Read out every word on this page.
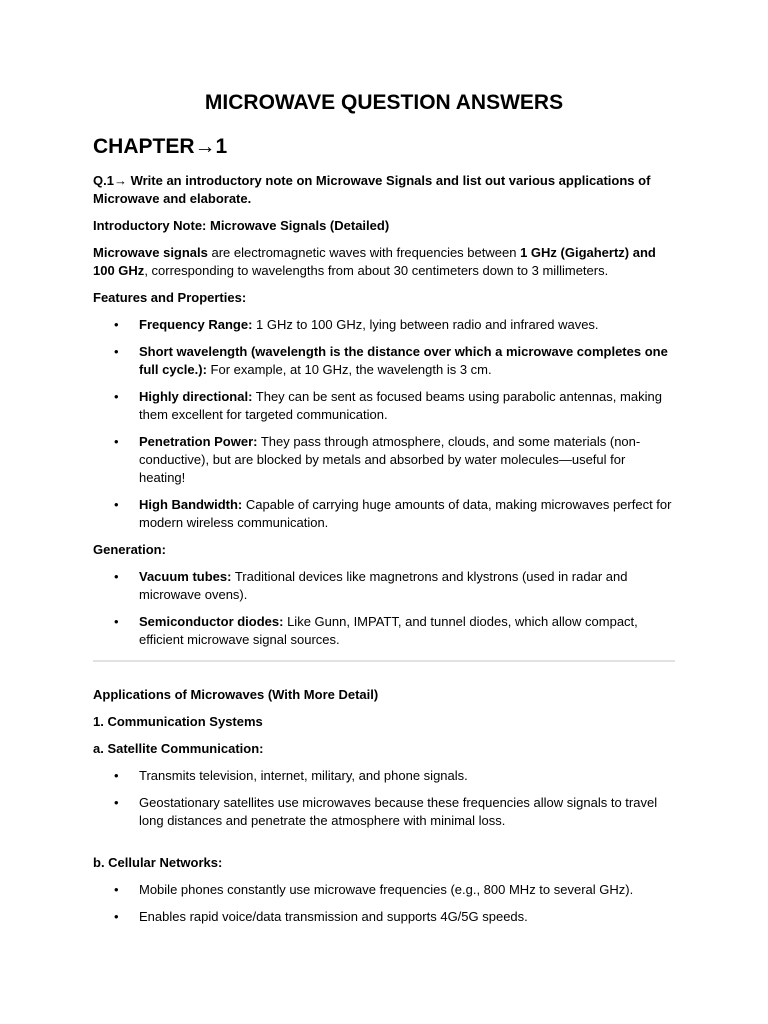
MICROWAVE QUESTION ANSWERS
CHAPTER→1

Q.1→ Write an introductory note on Microwave Signals and list out various applications of Microwave and elaborate.

Introductory Note: Microwave Signals (Detailed)

Microwave signals are electromagnetic waves with frequencies between 1 GHz (Gigahertz) and 100 GHz, corresponding to wavelengths from about 30 centimeters down to 3 millimeters.

Features and Properties:

• Frequency Range: 1 GHz to 100 GHz, lying between radio and infrared waves.
• Short wavelength (wavelength is the distance over which a microwave completes one full cycle.): For example, at 10 GHz, the wavelength is 3 cm.
• Highly directional: They can be sent as focused beams using parabolic antennas, making them excellent for targeted communication.
• Penetration Power: They pass through atmosphere, clouds, and some materials (non-conductive), but are blocked by metals and absorbed by water molecules—useful for heating!
• High Bandwidth: Capable of carrying huge amounts of data, making microwaves perfect for modern wireless communication.

Generation:

• Vacuum tubes: Traditional devices like magnetrons and klystrons (used in radar and microwave ovens).
• Semiconductor diodes: Like Gunn, IMPATT, and tunnel diodes, which allow compact, efficient microwave signal sources.

Applications of Microwaves (With More Detail)

1. Communication Systems

a. Satellite Communication:

• Transmits television, internet, military, and phone signals.
• Geostationary satellites use microwaves because these frequencies allow signals to travel long distances and penetrate the atmosphere with minimal loss.

b. Cellular Networks:

• Mobile phones constantly use microwave frequencies (e.g., 800 MHz to several GHz).
• Enables rapid voice/data transmission and supports 4G/5G speeds.
